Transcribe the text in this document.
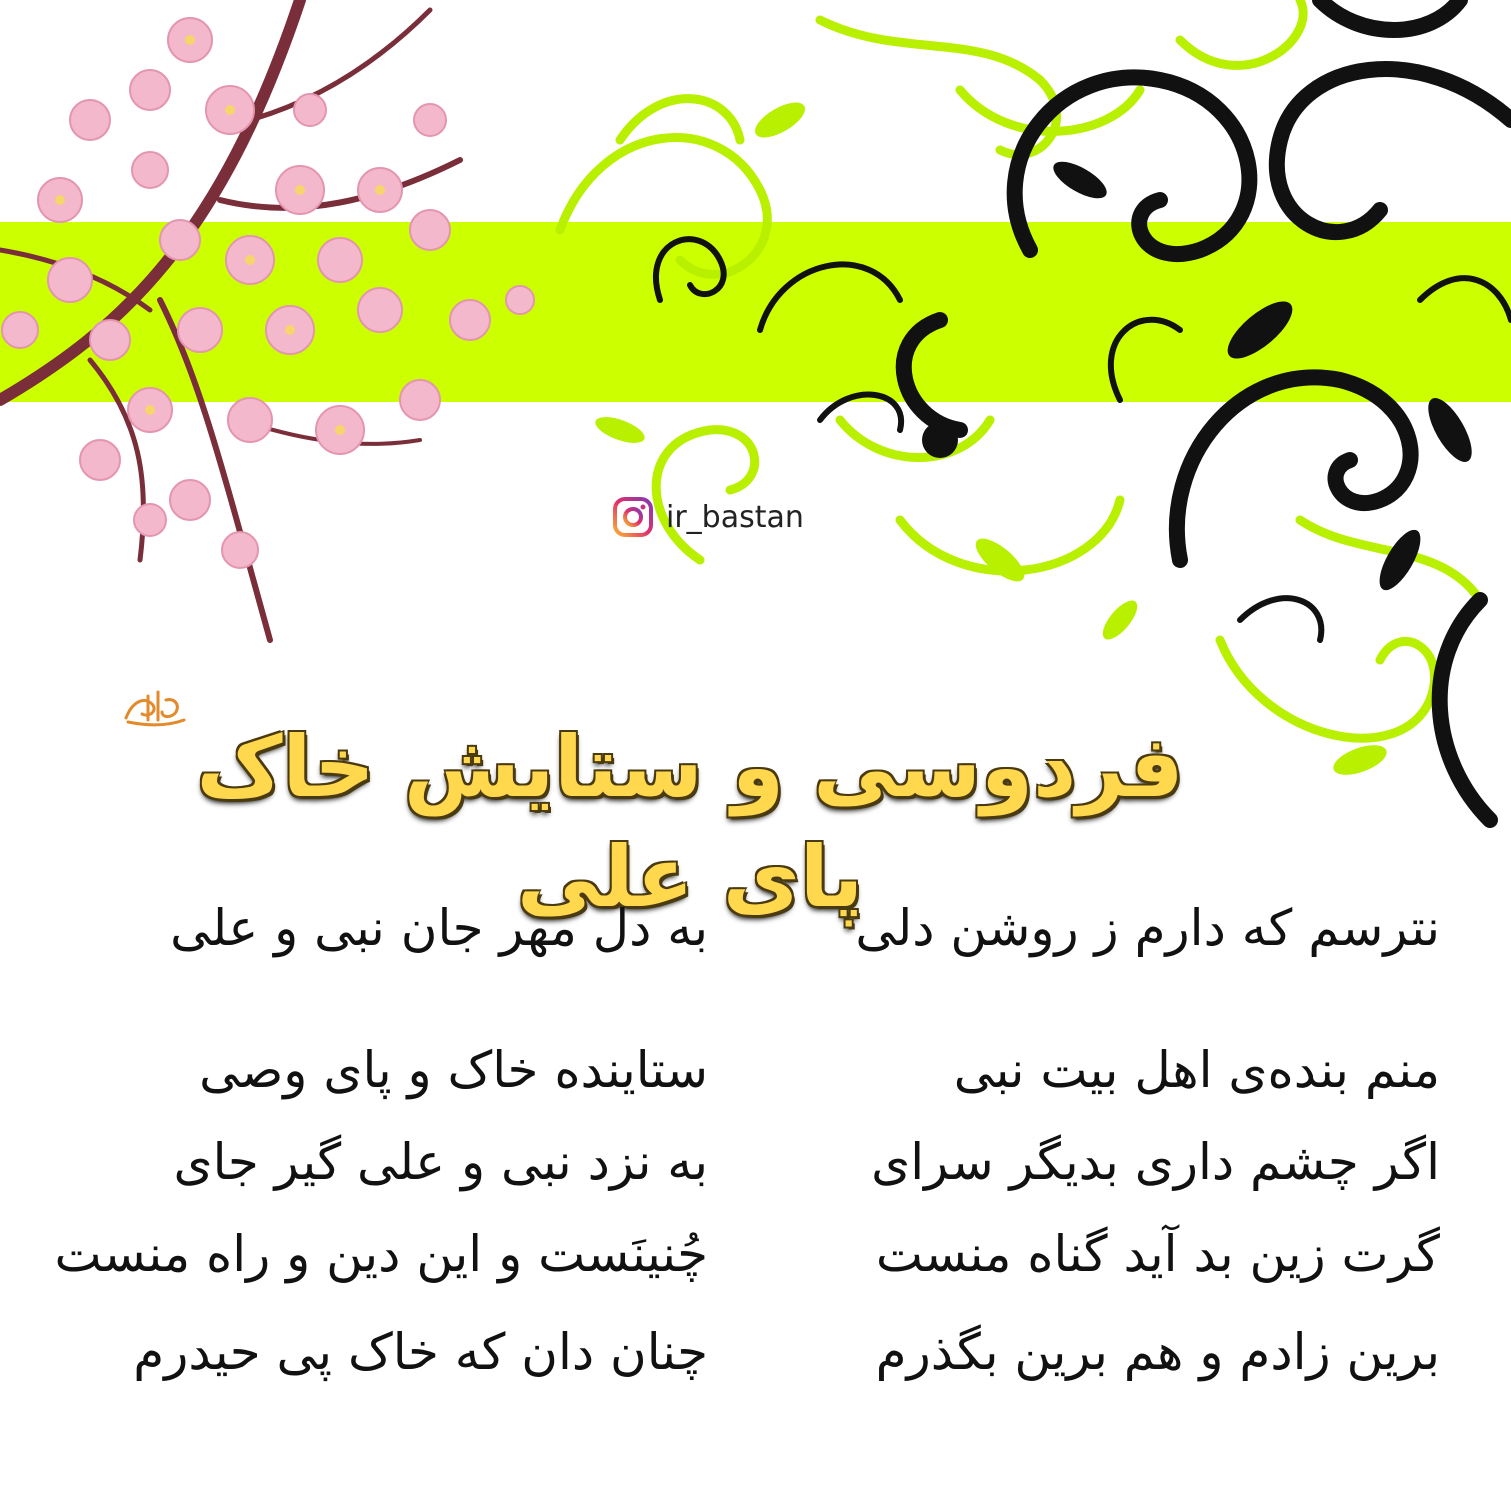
ir_bastan
فردوسی و ستایش خاک پای علی
نترسم که دارم ز روشن دلی
به دل مهر جان نبی و علی
منم بنده‌ی اهل بیت نبی
ستاینده خاک و پای وصی
اگر چشم داری بدیگر سرای
به نزد نبی و علی گیر جای
گرت زین بد آید گناه منست
چُنینَست و این دین و راه منست
برین زادم و هم برین بگذرم
چنان دان که خاک پی حیدرم
